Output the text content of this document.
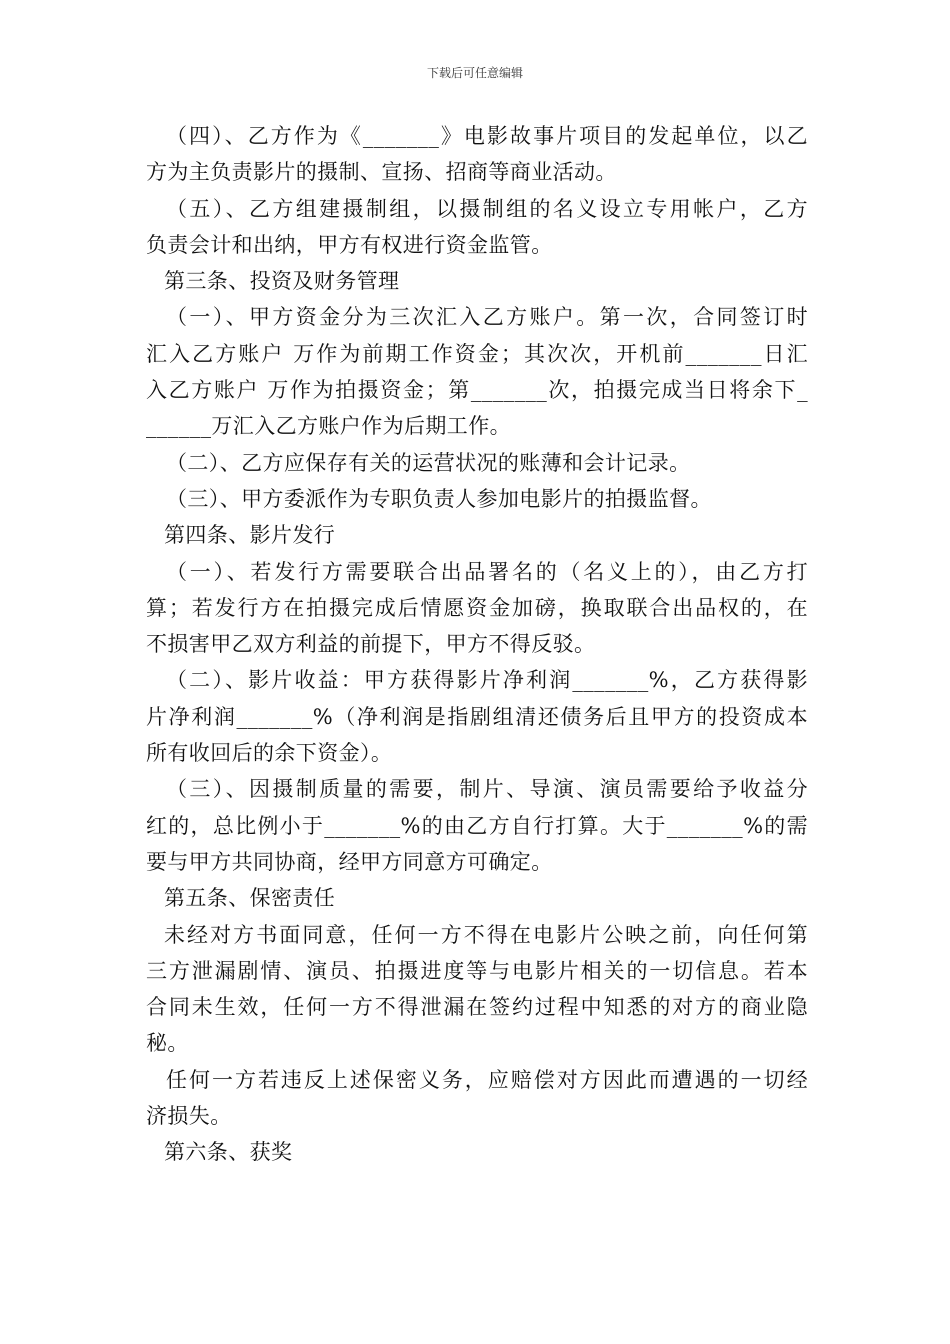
下载后可任意编辑
（四）、乙方作为《_______》电影故事片项目的发起单位，以乙
方为主负责影片的摄制、宣扬、招商等商业活动。
（五）、乙方组建摄制组，以摄制组的名义设立专用帐户，乙方
负责会计和出纳，甲方有权进行资金监管。
第三条、投资及财务管理
（一）、甲方资金分为三次汇入乙方账户。第一次，合同签订时
汇入乙方账户 万作为前期工作资金；其次次，开机前_______日汇
入乙方账户 万作为拍摄资金；第_______次，拍摄完成当日将余下_
______万汇入乙方账户作为后期工作。
（二）、乙方应保存有关的运营状况的账薄和会计记录。
（三）、甲方委派作为专职负责人参加电影片的拍摄监督。
第四条、影片发行
（一）、若发行方需要联合出品署名的（名义上的），由乙方打
算；若发行方在拍摄完成后情愿资金加磅，换取联合出品权的，在
不损害甲乙双方利益的前提下，甲方不得反驳。
（二）、影片收益：甲方获得影片净利润_______%，乙方获得影
片净利润_______%（净利润是指剧组清还债务后且甲方的投资成本
所有收回后的余下资金）。
（三）、因摄制质量的需要，制片、导演、演员需要给予收益分
红的，总比例小于_______%的由乙方自行打算。大于_______%的需
要与甲方共同协商，经甲方同意方可确定。
第五条、保密责任
未经对方书面同意，任何一方不得在电影片公映之前，向任何第
三方泄漏剧情、演员、拍摄进度等与电影片相关的一切信息。若本
合同未生效，任何一方不得泄漏在签约过程中知悉的对方的商业隐
秘。
任何一方若违反上述保密义务，应赔偿对方因此而遭遇的一切经
济损失。
第六条、获奖
